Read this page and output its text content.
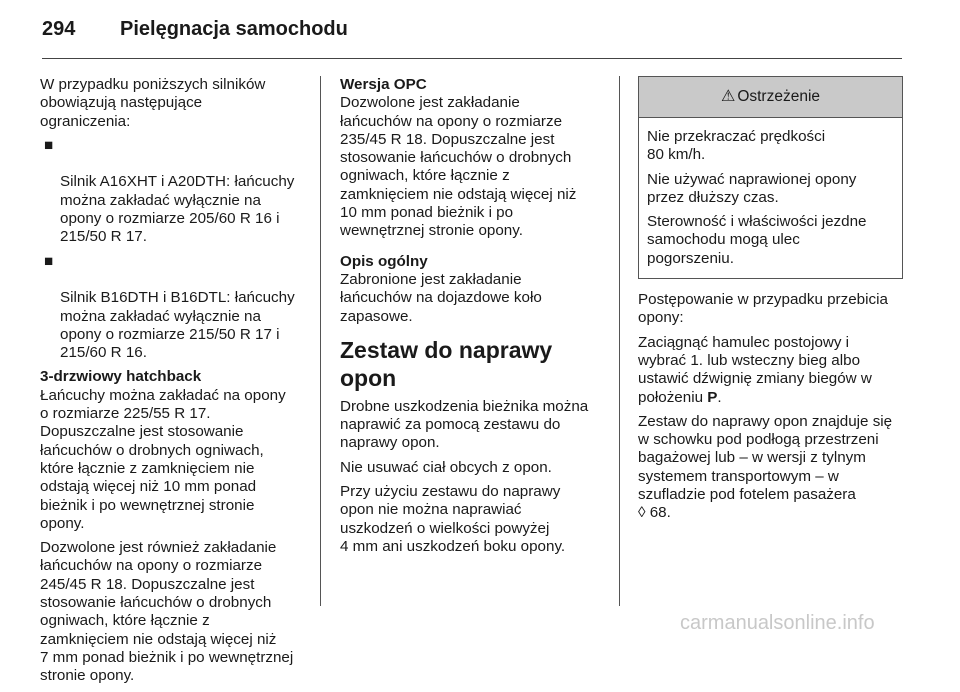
294 Pielęgnacja samochodu

W przypadku poniższych silników
obowiązują następujące
ograniczenia:

■

Silnik A16XHT i A20DTH: łańcuchy
można zakładać wyłącznie na
opony o rozmiarze 205/60 R 16 i
215/50 R 17.

■

Silnik B16DTH i B16DTL: łańcuchy
można zakładać wyłącznie na
opony o rozmiarze 215/50 R 17 i
215/60 R 16.

3-drzwiowy hatchback

Łańcuchy można zakładać na opony
o rozmiarze 225/55 R 17.
Dopuszczalne jest stosowanie
łańcuchów o drobnych ogniwach,
które łącznie z zamknięciem nie
odstają więcej niż 10 mm ponad
bieżnik i po wewnętrznej stronie
opony.

Dozwolone jest również zakładanie
łańcuchów na opony o rozmiarze
245/45 R 18. Dopuszczalne jest
stosowanie łańcuchów o drobnych
ogniwach, które łącznie z
zamknięciem nie odstają więcej niż
7 mm ponad bieżnik i po wewnętrznej
stronie opony.

Wersja OPC

Dozwolone jest zakładanie
łańcuchów na opony o rozmiarze
235/45 R 18. Dopuszczalne jest
stosowanie łańcuchów o drobnych
ogniwach, które łącznie z
zamknięciem nie odstają więcej niż
10 mm ponad bieżnik i po
wewnętrznej stronie opony.

Opis ogólny

Zabronione jest zakładanie
łańcuchów na dojazdowe koło
zapasowe.

Zestaw do naprawy opon

Drobne uszkodzenia bieżnika można
naprawić za pomocą zestawu do
naprawy opon.

Nie usuwać ciał obcych z opon.

Przy użyciu zestawu do naprawy
opon nie można naprawiać
uszkodzeń o wielkości powyżej
4 mm ani uszkodzeń boku opony.

⚠ Ostrzeżenie

Nie przekraczać prędkości
80 km/h.

Nie używać naprawionej opony
przez dłuższy czas.

Sterowność i właściwości jezdne
samochodu mogą ulec
pogorszeniu.

Postępowanie w przypadku przebicia
opony:

Zaciągnąć hamulec postojowy i
wybrać 1. lub wsteczny bieg albo
ustawić dźwignię zmiany biegów w
położeniu P.

Zestaw do naprawy opon znajduje się
w schowku pod podłogą przestrzeni
bagażowej lub – w wersji z tylnym
systemem transportowym – w
szufladzie pod fotelem pasażera
◊ 68.

carmanualsonline.info
